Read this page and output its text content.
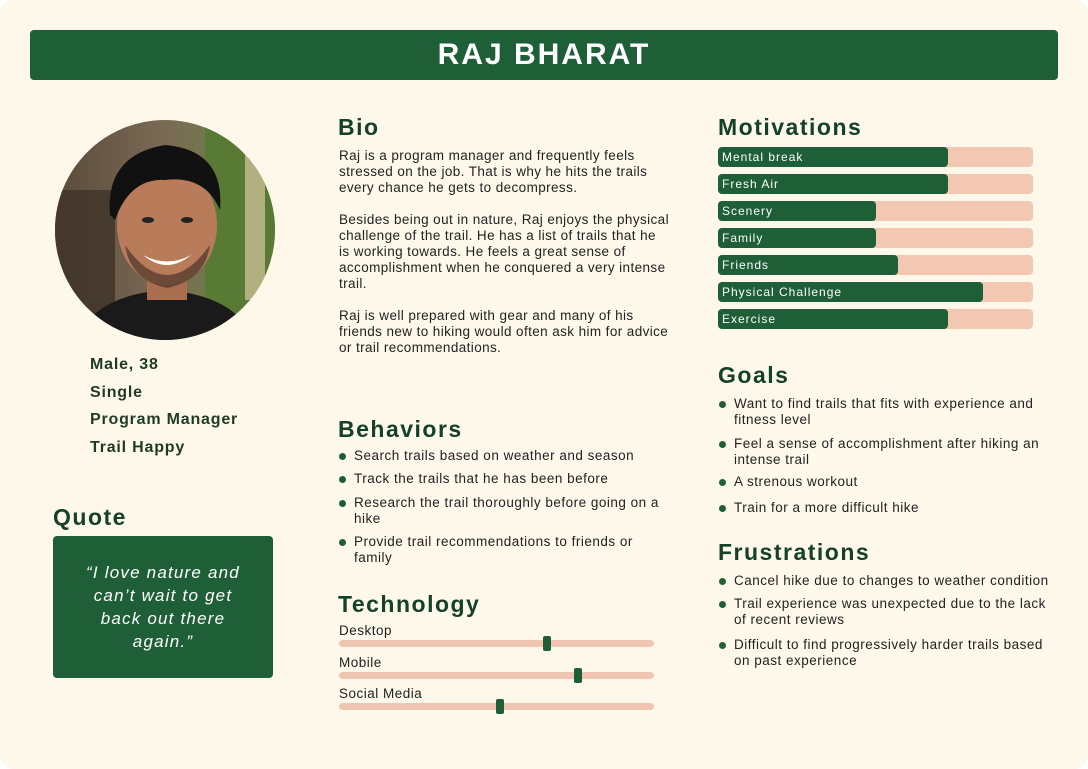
RAJ BHARAT
Male, 38
Single
Program Manager
Trail Happy
Quote

“I love nature and can’t wait to get back out there again.”

Bio

Raj is a program manager and frequently feels stressed on the job. That is why he hits the trails every chance he gets to decompress.

Besides being out in nature, Raj enjoys the physical challenge of the trail. He has a list of trails that he is working towards. He feels a great sense of accomplishment when he conquered a very intense trail.

Raj is well prepared with gear and many of his friends new to hiking would often ask him for advice or trail recommendations.

Behaviors
Search trails based on weather and season
Track the trails that he has been before
Research the trail thoroughly before going on a hike
Provide trail recommendations to friends or family
Technology
Desktop
Mobile
Social Media
Motivations
Mental break
Fresh Air
Scenery
Family
Friends
Physical Challenge
Exercise
Goals
Want to find trails that fits with experience and fitness level
Feel a sense of accomplishment after hiking an intense trail
A strenous workout
Train for a more difficult hike
Frustrations
Cancel hike due to changes to weather condition
Trail experience was unexpected due to the lack of recent reviews
Difficult to find progressively harder trails based on past experience
